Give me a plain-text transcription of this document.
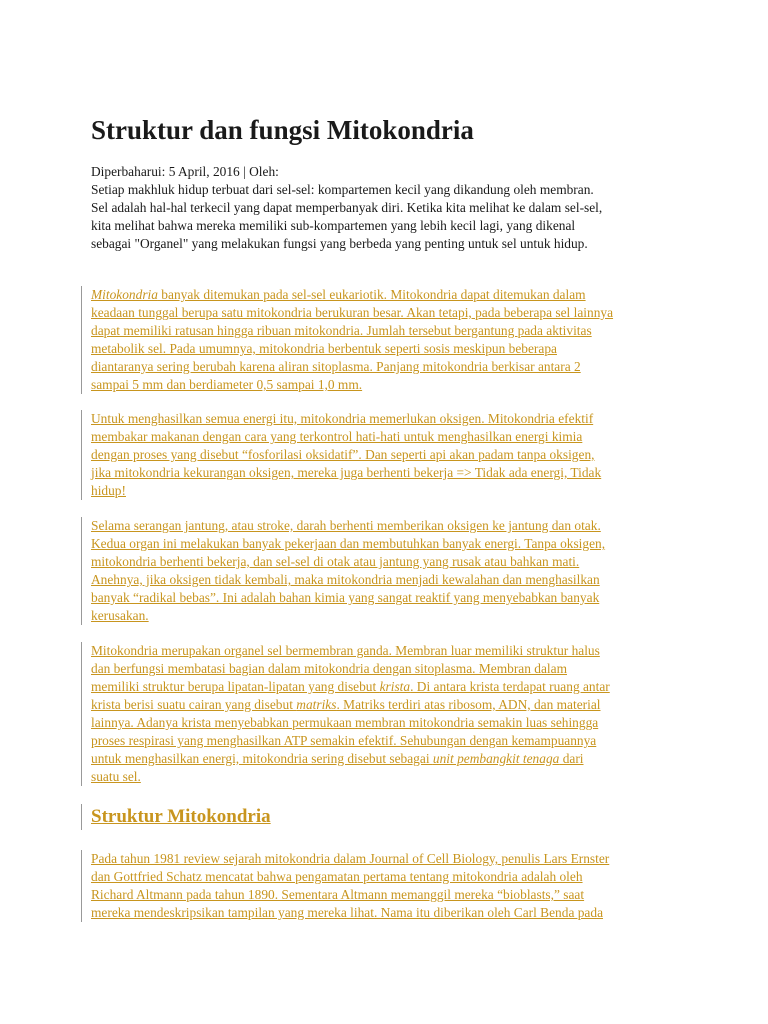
Struktur dan fungsi Mitokondria
Diperbaharui: 5 April, 2016 | Oleh:
Setiap makhluk hidup terbuat dari sel-sel: kompartemen kecil yang dikandung oleh membran.
Sel adalah hal-hal terkecil yang dapat memperbanyak diri. Ketika kita melihat ke dalam sel-sel,
kita melihat bahwa mereka memiliki sub-kompartemen yang lebih kecil lagi, yang dikenal
sebagai "Organel" yang melakukan fungsi yang berbeda yang penting untuk sel untuk hidup.
Mitokondria banyak ditemukan pada sel-sel eukariotik. Mitokondria dapat ditemukan dalam
keadaan tunggal berupa satu mitokondria berukuran besar. Akan tetapi, pada beberapa sel lainnya
dapat memiliki ratusan hingga ribuan mitokondria. Jumlah tersebut bergantung pada aktivitas
metabolik sel. Pada umumnya, mitokondria berbentuk seperti sosis meskipun beberapa
diantaranya sering berubah karena aliran sitoplasma. Panjang mitokondria berkisar antara 2
sampai 5 mm dan berdiameter 0,5 sampai 1,0 mm.
Untuk menghasilkan semua energi itu, mitokondria memerlukan oksigen. Mitokondria efektif
membakar makanan dengan cara yang terkontrol hati-hati untuk menghasilkan energi kimia
dengan proses yang disebut “fosforilasi oksidatif”. Dan seperti api akan padam tanpa oksigen,
jika mitokondria kekurangan oksigen, mereka juga berhenti bekerja => Tidak ada energi, Tidak
hidup!
Selama serangan jantung, atau stroke, darah berhenti memberikan oksigen ke jantung dan otak.
Kedua organ ini melakukan banyak pekerjaan dan membutuhkan banyak energi. Tanpa oksigen,
mitokondria berhenti bekerja, dan sel-sel di otak atau jantung yang rusak atau bahkan mati.
Anehnya, jika oksigen tidak kembali, maka mitokondria menjadi kewalahan dan menghasilkan
banyak “radikal bebas”. Ini adalah bahan kimia yang sangat reaktif yang menyebabkan banyak
kerusakan.
Mitokondria merupakan organel sel bermembran ganda. Membran luar memiliki struktur halus
dan berfungsi membatasi bagian dalam mitokondria dengan sitoplasma. Membran dalam
memiliki struktur berupa lipatan-lipatan yang disebut krista. Di antara krista terdapat ruang antar
krista berisi suatu cairan yang disebut matriks. Matriks terdiri atas ribosom, ADN, dan material
lainnya. Adanya krista menyebabkan permukaan membran mitokondria semakin luas sehingga
proses respirasi yang menghasilkan ATP semakin efektif. Sehubungan dengan kemampuannya
untuk menghasilkan energi, mitokondria sering disebut sebagai unit pembangkit tenaga dari
suatu sel.
Struktur Mitokondria
Pada tahun 1981 review sejarah mitokondria dalam Journal of Cell Biology, penulis Lars Ernster
dan Gottfried Schatz mencatat bahwa pengamatan pertama tentang mitokondria adalah oleh
Richard Altmann pada tahun 1890. Sementara Altmann memanggil mereka “bioblasts,” saat
mereka mendeskripsikan tampilan yang mereka lihat. Nama itu diberikan oleh Carl Benda pada
